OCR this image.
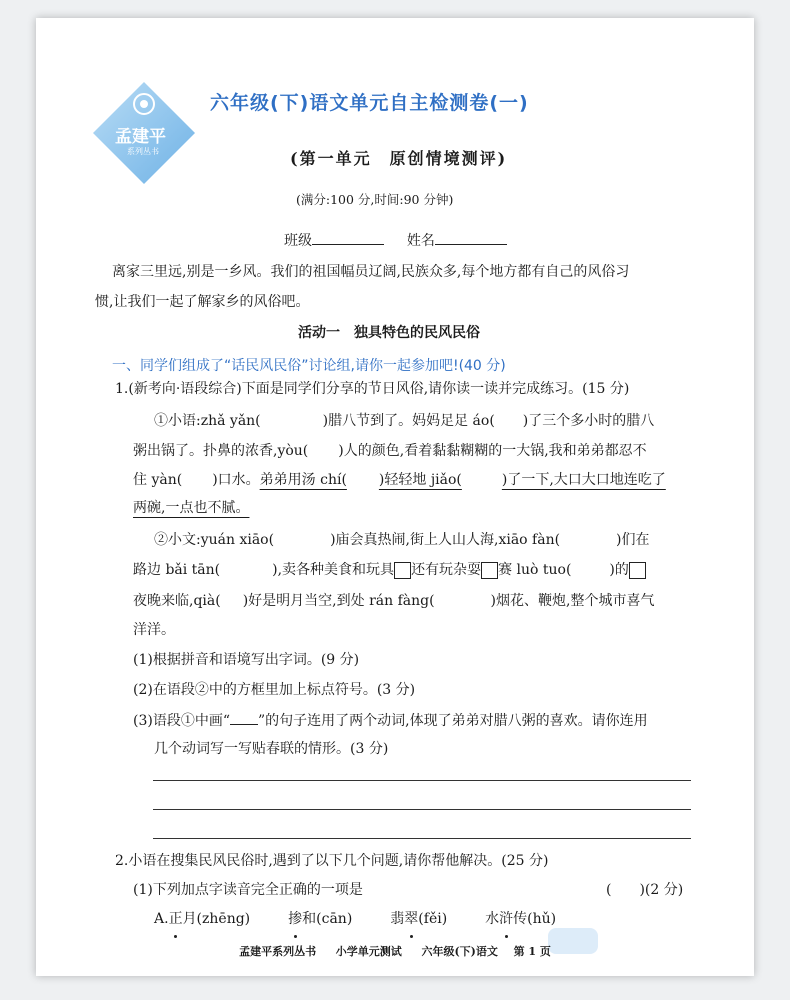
孟建平
系列丛书
六年级(下)语文单元自主检测卷(一)
(第一单元　原创情境测评)
(满分:100 分,时间:90 分钟)
班级	姓名
离家三里远,别是一乡风。我们的祖国幅员辽阔,民族众多,每个地方都有自己的风俗习
惯,让我们一起了解家乡的风俗吧。
活动一　独具特色的民风民俗
一、同学们组成了“话民风民俗”讨论组,请你一起参加吧!(40 分)
1.(新考向·语段综合)下面是同学们分享的节日风俗,请你读一读并完成练习。(15 分)
①小语:zhǎ yǎn(	)腊八节到了。妈妈足足 áo( )了三个多小时的腊八
粥出锅了。扑鼻的浓香,yòu( )人的颜色,看着黏黏糊糊的一大锅,我和弟弟都忍不
住 yàn( )口水。弟弟用汤 chí( )轻轻地 jiǎo(	)了一下,大口大口地连吃了
两碗,一点也不腻。
②小文:yuán xiāo(	)庙会真热闹,街上人山人海,xiāo fàn(	)们在
路边 bǎi tān(	),卖各种美食和玩具 还有玩杂耍 赛 luò tuo(	)的
夜晚来临,qià( )好是明月当空,到处 rán fàng(	)烟花、鞭炮,整个城市喜气
洋洋。
(1)根据拼音和语境写出字词。(9 分)
(2)在语段②中的方框里加上标点符号。(3 分)
(3)语段①中画“ ”的句子连用了两个动词,体现了弟弟对腊八粥的喜欢。请你连用
几个动词写一写贴春联的情形。(3 分)
2.小语在搜集民风民俗时,遇到了以下几个问题,请你帮他解决。(25 分)
(1)下列加点字读音完全正确的一项是	(　　)(2 分)
A.正月(zhēng)	掺和(cān)	翡翠(fěi)	水浒传(hǔ)
孟建平系列丛书 小学单元测试 六年级(下)语文 第 1 页
